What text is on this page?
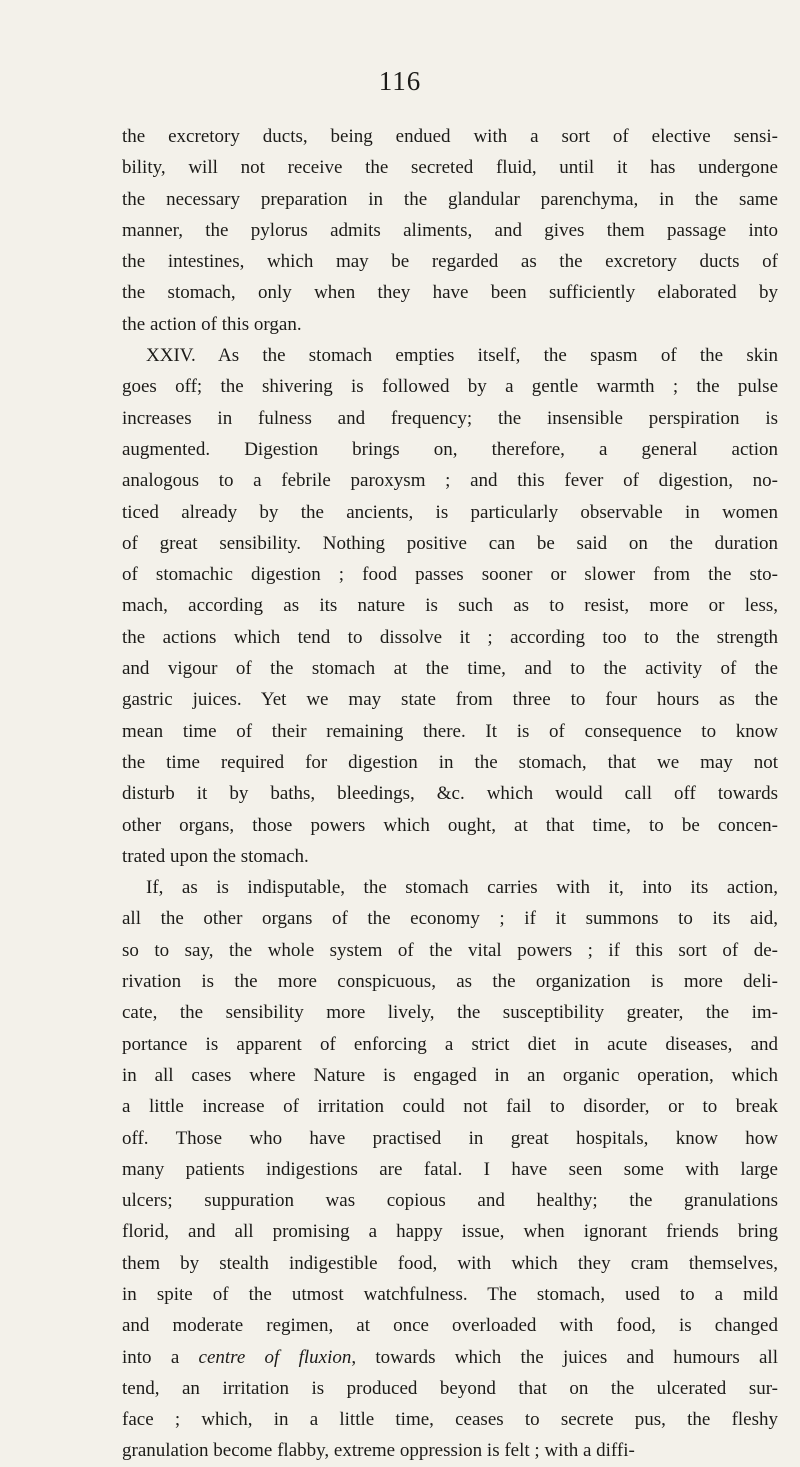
116
the excretory ducts, being endued with a sort of elective sensi-
bility, will not receive the secreted fluid, until it has undergone
the necessary preparation in the glandular parenchyma, in the same
manner, the pylorus admits aliments, and gives them passage into
the intestines, which may be regarded as the excretory ducts of
the stomach, only when they have been sufficiently elaborated by
the action of this organ.
XXIV. As the stomach empties itself, the spasm of the skin
goes off; the shivering is followed by a gentle warmth ; the pulse
increases in fulness and frequency; the insensible perspiration is
augmented. Digestion brings on, therefore, a general action
analogous to a febrile paroxysm ; and this fever of digestion, no-
ticed already by the ancients, is particularly observable in women
of great sensibility. Nothing positive can be said on the duration
of stomachic digestion ; food passes sooner or slower from the sto-
mach, according as its nature is such as to resist, more or less,
the actions which tend to dissolve it ; according too to the strength
and vigour of the stomach at the time, and to the activity of the
gastric juices. Yet we may state from three to four hours as the
mean time of their remaining there. It is of consequence to know
the time required for digestion in the stomach, that we may not
disturb it by baths, bleedings, &c. which would call off towards
other organs, those powers which ought, at that time, to be concen-
trated upon the stomach.
If, as is indisputable, the stomach carries with it, into its action,
all the other organs of the economy ; if it summons to its aid,
so to say, the whole system of the vital powers ; if this sort of de-
rivation is the more conspicuous, as the organization is more deli-
cate, the sensibility more lively, the susceptibility greater, the im-
portance is apparent of enforcing a strict diet in acute diseases, and
in all cases where Nature is engaged in an organic operation, which
a little increase of irritation could not fail to disorder, or to break
off. Those who have practised in great hospitals, know how
many patients indigestions are fatal. I have seen some with large
ulcers; suppuration was copious and healthy; the granulations
florid, and all promising a happy issue, when ignorant friends bring
them by stealth indigestible food, with which they cram themselves,
in spite of the utmost watchfulness. The stomach, used to a mild
and moderate regimen, at once overloaded with food, is changed
into a centre of fluxion, towards which the juices and humours all
tend, an irritation is produced beyond that on the ulcerated sur-
face ; which, in a little time, ceases to secrete pus, the fleshy
granulation become flabby, extreme oppression is felt ; with a diffi-
